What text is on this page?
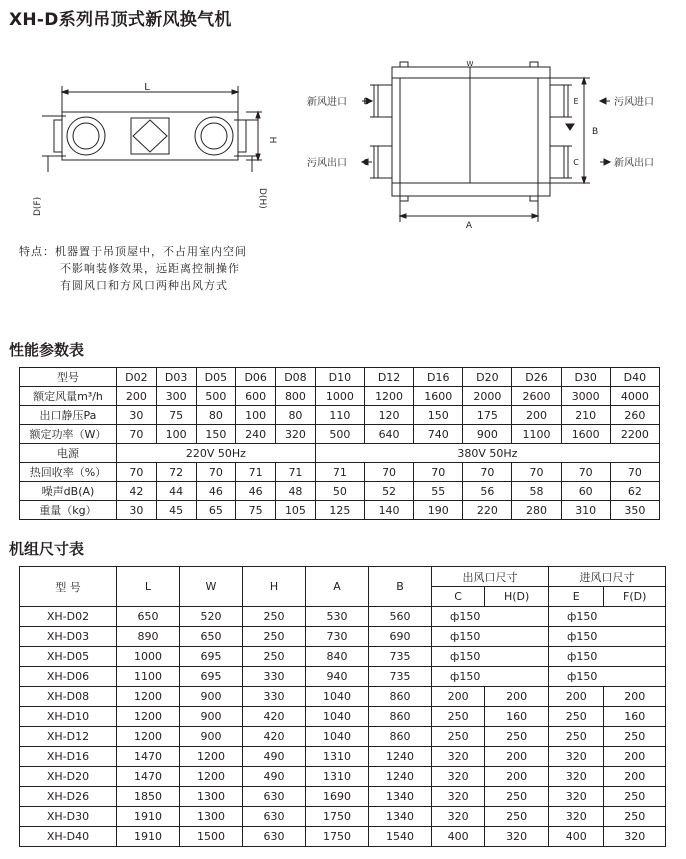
XH-D系列吊顶式新风换气机
L
H
D(F)	D(H)
新风进口
污风出口
污风进口
新风出口
E
C
E
C
B
A
W
特点：机器置于吊顶屋中，不占用室内空间
不影响装修效果，远距离控制操作
有圆风口和方风口两种出风方式
性能参数表
型号	D02	D03	D05	D06	D08	D10	D12	D16	D20	D26	D30	D40
额定风量m³/h	200	300	500	600	800	1000	1200	1600	2000	2600	3000	4000
出口静压Pa	30	75	80	100	80	110	120	150	175	200	210	260
额定功率（W）	70	100	150	240	320	500	640	740	900	1100	1600	2200
电源	220V 50Hz					380V 50Hz						
热回收率（%）	70	72	70	71	71	71	70	70	70	70	70	70
噪声dB(A)	42	44	46	46	48	50	52	55	56	58	60	62
重量（kg）	30	45	65	75	105	125	140	190	220	280	310	350
机组尺寸表
型 号	L	W	H	A	B	出风口尺寸		进风口尺寸	
						C	H(D)	E	F(D)
XH-D02	650	520	250	530	560	ф150		ф150	
XH-D03	890	650	250	730	690	ф150		ф150	
XH-D05	1000	695	250	840	735	ф150		ф150	
XH-D06	1100	695	330	940	735	ф150		ф150	
XH-D08	1200	900	330	1040	860	200	200	200	200
XH-D10	1200	900	420	1040	860	250	160	250	160
XH-D12	1200	900	420	1040	860	250	250	250	250
XH-D16	1470	1200	490	1310	1240	320	200	320	200
XH-D20	1470	1200	490	1310	1240	320	200	320	200
XH-D26	1850	1300	630	1690	1340	320	250	320	250
XH-D30	1910	1300	630	1750	1340	320	250	320	250
XH-D40	1910	1500	630	1750	1540	400	320	400	320
